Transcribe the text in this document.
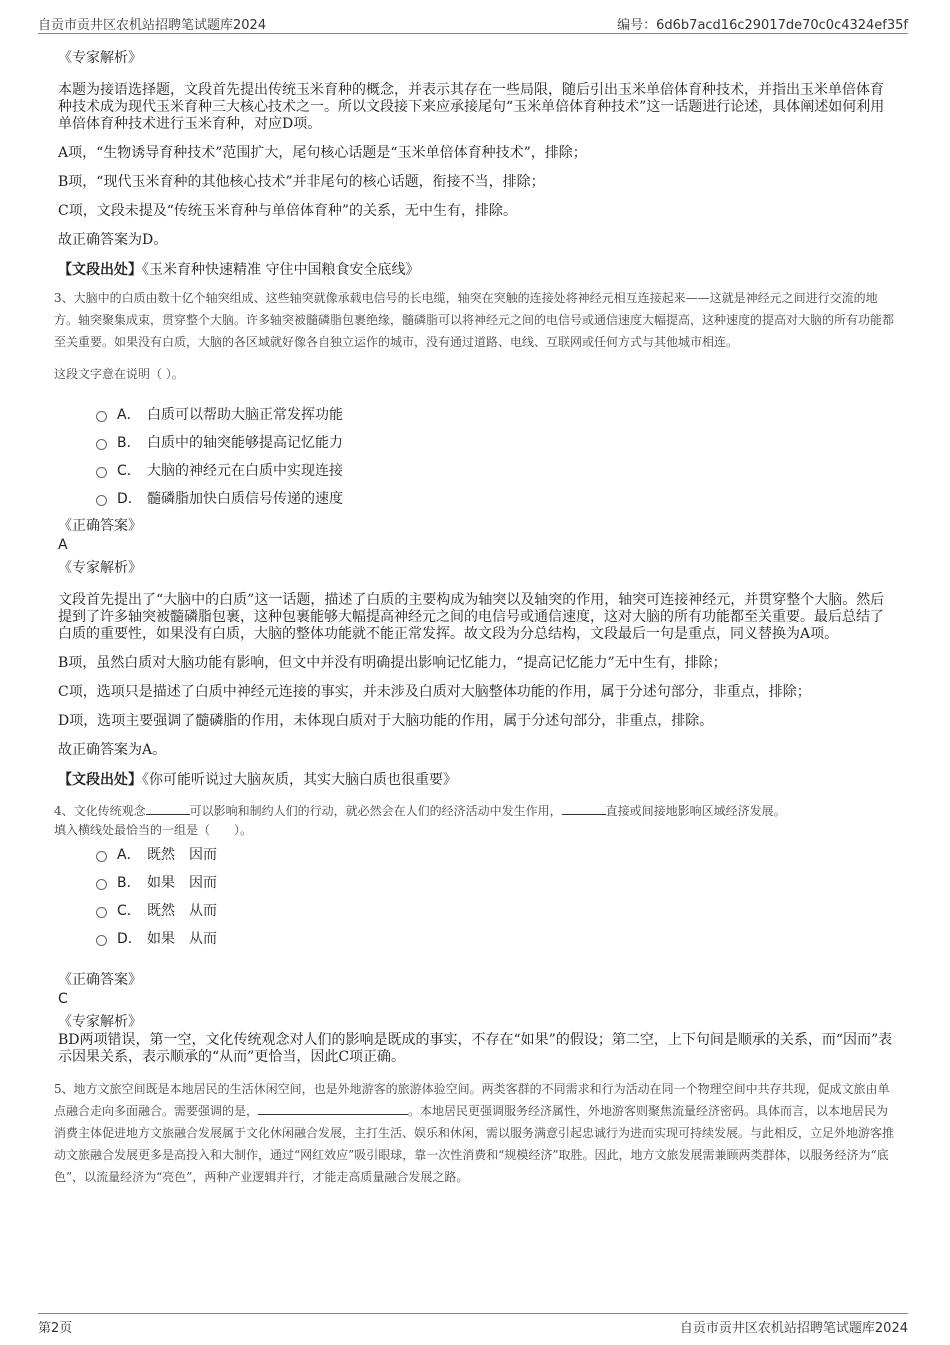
自贡市贡井区农机站招聘笔试题库2024	编号：6d6b7acd16c29017de70c0c4324ef35f
《专家解析》
本题为接语选择题，文段首先提出传统玉米育种的概念，并表示其存在一些局限，随后引出玉米单倍体育种技术，并指出玉米单倍体育种技术成为现代玉米育种三大核心技术之一。所以文段接下来应承接尾句“玉米单倍体育种技术”这一话题进行论述，具体阐述如何利用单倍体育种技术进行玉米育种，对应D项。
A项，“生物诱导育种技术”范围扩大，尾句核心话题是“玉米单倍体育种技术”，排除；
B项，“现代玉米育种的其他核心技术”并非尾句的核心话题，衔接不当，排除；
C项，文段未提及“传统玉米育种与单倍体育种”的关系，无中生有，排除。
故正确答案为D。
【文段出处】《玉米育种快速精准 守住中国粮食安全底线》
3、大脑中的白质由数十亿个轴突组成、这些轴突就像承载电信号的长电缆，轴突在突触的连接处将神经元相互连接起来——这就是神经元之间进行交流的地方。轴突聚集成束，贯穿整个大脑。许多轴突被髓磷脂包裹绝缘，髓磷脂可以将神经元之间的电信号或通信速度大幅提高，这种速度的提高对大脑的所有功能都至关重要。如果没有白质，大脑的各区域就好像各自独立运作的城市，没有通过道路、电线、互联网或任何方式与其他城市相连。
这段文字意在说明（ ）。
A． 白质可以帮助大脑正常发挥功能
B． 白质中的轴突能够提高记忆能力
C． 大脑的神经元在白质中实现连接
D． 髓磷脂加快白质信号传递的速度
《正确答案》
A
《专家解析》
文段首先提出了“大脑中的白质”这一话题，描述了白质的主要构成为轴突以及轴突的作用，轴突可连接神经元，并贯穿整个大脑。然后提到了许多轴突被髓磷脂包裹，这种包裹能够大幅提高神经元之间的电信号或通信速度，这对大脑的所有功能都至关重要。最后总结了白质的重要性，如果没有白质，大脑的整体功能就不能正常发挥。故文段为分总结构，文段最后一句是重点，同义替换为A项。
B项，虽然白质对大脑功能有影响，但文中并没有明确提出影响记忆能力，“提高记忆能力”无中生有，排除；
C项，选项只是描述了白质中神经元连接的事实，并未涉及白质对大脑整体功能的作用，属于分述句部分，非重点，排除；
D项，选项主要强调了髓磷脂的作用，未体现白质对于大脑功能的作用，属于分述句部分，非重点，排除。
故正确答案为A。
【文段出处】《你可能听说过大脑灰质，其实大脑白质也很重要》
4、文化传统观念	可以影响和制约人们的行动，就必然会在人们的经济活动中发生作用，	直接或间接地影响区域经济发展。
填入横线处最恰当的一组是（　　）。
A． 既然　因而
B． 如果　因而
C． 既然　从而
D． 如果　从而
《正确答案》
C
《专家解析》
BD两项错误，第一空，文化传统观念对人们的影响是既成的事实，不存在“如果”的假设；第二空，上下句间是顺承的关系，而“因而”表示因果关系，表示顺承的“从而”更恰当，因此C项正确。
5、地方文旅空间既是本地居民的生活休闲空间，也是外地游客的旅游体验空间。两类客群的不同需求和行为活动在同一个物理空间中共存共现，促成文旅由单点融合走向多面融合。需要强调的是，	。本地居民更强调服务经济属性，外地游客则聚焦流量经济密码。具体而言，以本地居民为消费主体促进地方文旅融合发展属于文化休闲融合发展，主打生活、娱乐和休闲，需以服务满意引起忠诚行为进而实现可持续发展。与此相反，立足外地游客推动文旅融合发展更多是高投入和大制作，通过“网红效应”吸引眼球，靠一次性消费和“规模经济”取胜。因此，地方文旅发展需兼顾两类群体，以服务经济为“底色”，以流量经济为“亮色”，两种产业逻辑并行，才能走高质量融合发展之路。
第2页	自贡市贡井区农机站招聘笔试题库2024
